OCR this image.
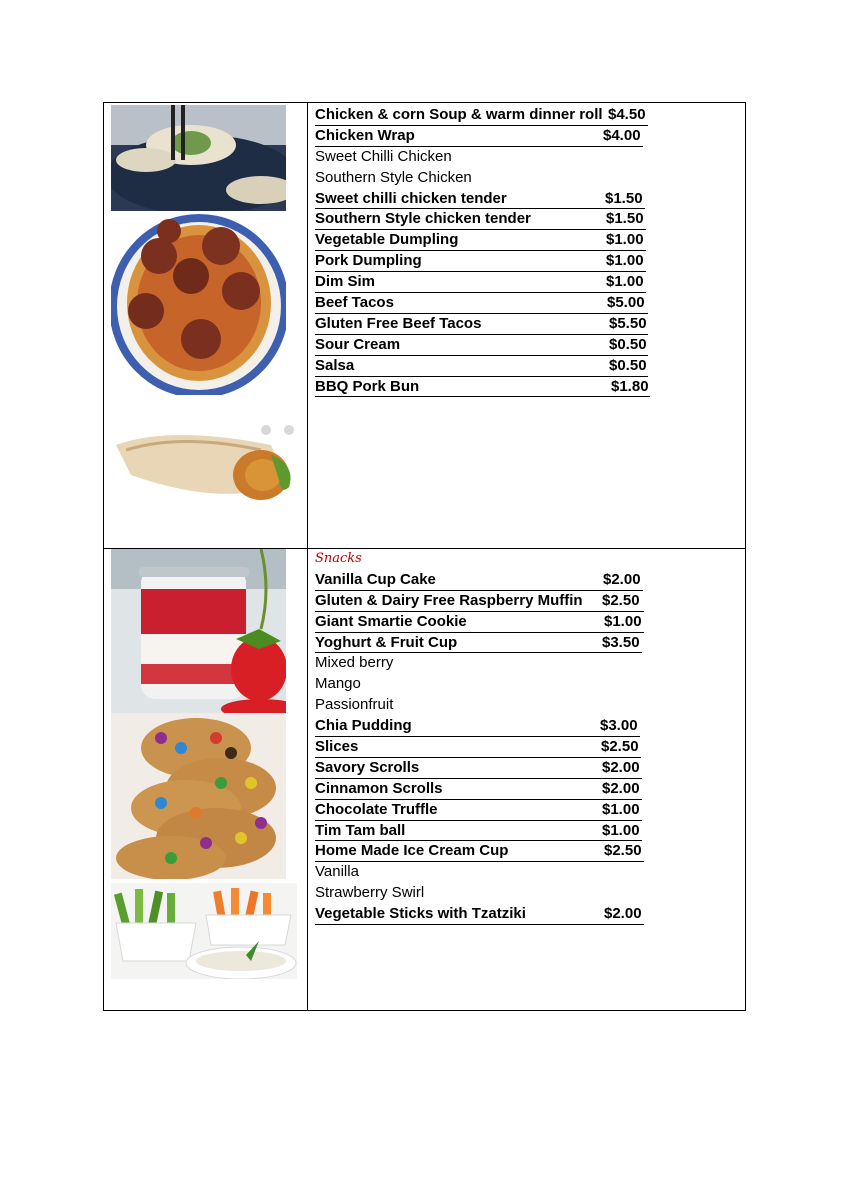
Chicken & corn Soup & warm dinner roll $4.50
Chicken Wrap	$4.00
Sweet Chilli Chicken
Southern Style Chicken
Sweet chilli chicken tender	$1.50
Southern Style chicken tender	$1.50
Vegetable Dumpling	$1.00
Pork Dumpling	$1.00
Dim Sim	$1.00
Beef Tacos	$5.00
Gluten Free Beef Tacos	$5.50
Sour Cream	$0.50
Salsa	$0.50
BBQ Pork Bun	$1.80
Snacks
Vanilla Cup Cake	$2.00
Gluten & Dairy Free Raspberry Muffin $2.50
Giant Smartie Cookie	$1.00
Yoghurt & Fruit Cup	$3.50
Mixed berry
Mango
Passionfruit
Chia Pudding	$3.00
Slices	$2.50
Savory Scrolls	$2.00
Cinnamon Scrolls	$2.00
Chocolate Truffle	$1.00
Tim Tam ball	$1.00
Home Made Ice Cream Cup	$2.50
Vanilla
Strawberry Swirl
Vegetable Sticks with Tzatziki	$2.00
